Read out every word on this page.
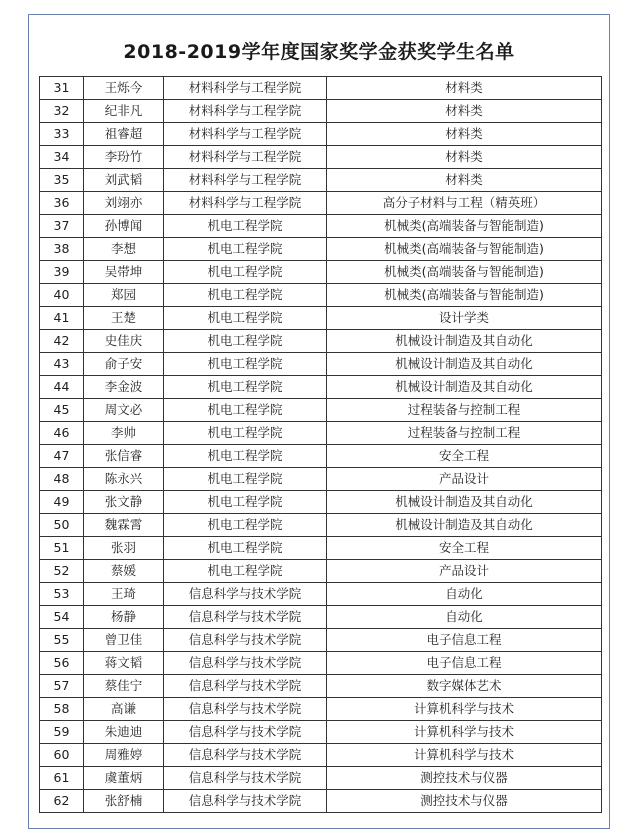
2018-2019学年度国家奖学金获奖学生名单
31	王烁今	材料科学与工程学院	材料类
32	纪非凡	材料科学与工程学院	材料类
33	祖睿超	材料科学与工程学院	材料类
34	李玢竹	材料科学与工程学院	材料类
35	刘武韬	材料科学与工程学院	材料类
36	刘翊亦	材料科学与工程学院	高分子材料与工程（精英班）
37	孙博闻	机电工程学院	机械类(高端装备与智能制造)
38	李想	机电工程学院	机械类(高端装备与智能制造)
39	吴帯坤	机电工程学院	机械类(高端装备与智能制造)
40	郑园	机电工程学院	机械类(高端装备与智能制造)
41	王楚	机电工程学院	设计学类
42	史佳庆	机电工程学院	机械设计制造及其自动化
43	俞子安	机电工程学院	机械设计制造及其自动化
44	李金波	机电工程学院	机械设计制造及其自动化
45	周文必	机电工程学院	过程装备与控制工程
46	李帅	机电工程学院	过程装备与控制工程
47	张信睿	机电工程学院	安全工程
48	陈永兴	机电工程学院	产品设计
49	张文静	机电工程学院	机械设计制造及其自动化
50	魏霖霄	机电工程学院	机械设计制造及其自动化
51	张羽	机电工程学院	安全工程
52	蔡媛	机电工程学院	产品设计
53	王琦	信息科学与技术学院	自动化
54	杨静	信息科学与技术学院	自动化
55	曾卫佳	信息科学与技术学院	电子信息工程
56	蒋文韬	信息科学与技术学院	电子信息工程
57	蔡佳宁	信息科学与技术学院	数字媒体艺术
58	高谦	信息科学与技术学院	计算机科学与技术
59	朱迪迪	信息科学与技术学院	计算机科学与技术
60	周雅婷	信息科学与技术学院	计算机科学与技术
61	虞董炳	信息科学与技术学院	测控技术与仪器
62	张舒楠	信息科学与技术学院	测控技术与仪器
